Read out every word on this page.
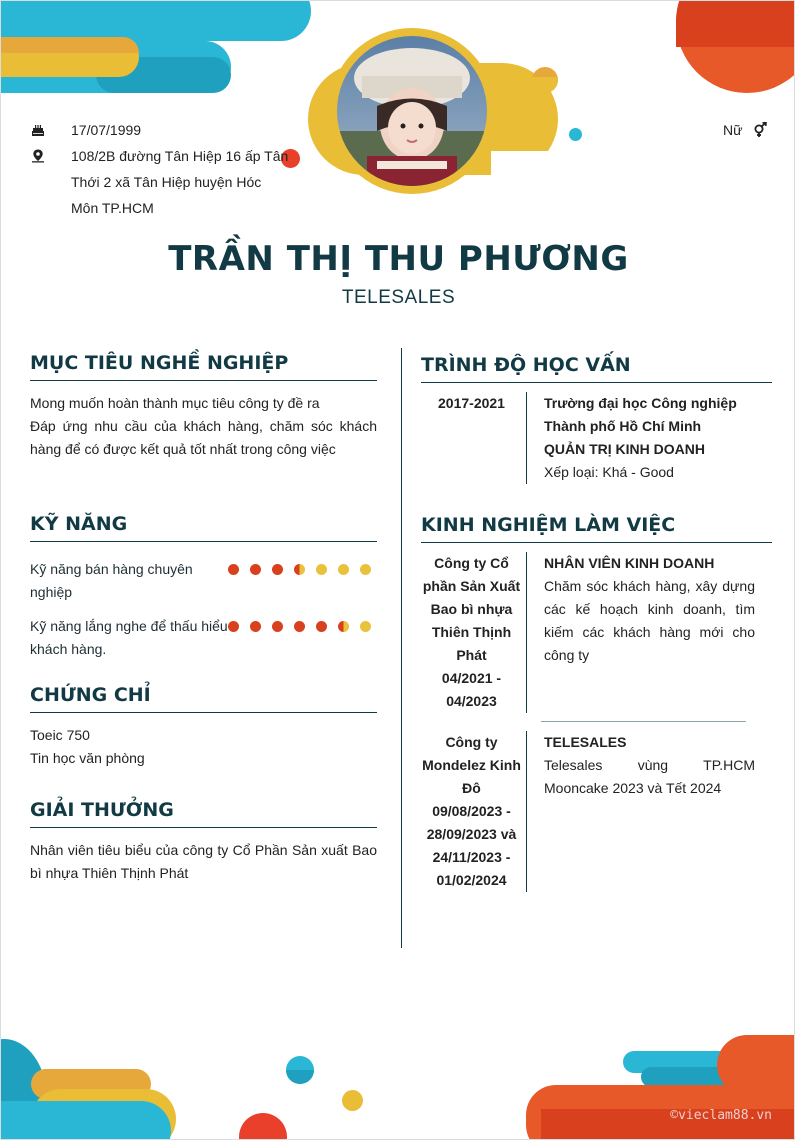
17/07/1999
108/2B đường Tân Hiệp 16 ấp Tân
Thới 2 xã Tân Hiệp huyện Hóc
Môn TP.HCM
Nữ
TRẦN THỊ THU PHƯƠNG
TELESALES
MỤC TIÊU NGHỀ NGHIỆP
Mong muốn hoàn thành mục tiêu công ty đề ra
Đáp ứng nhu cầu của khách hàng, chăm sóc khách hàng để có được kết quả tốt nhất trong công việc
KỸ NĂNG
Kỹ năng bán hàng chuyên nghiệp
Kỹ năng lắng nghe để thấu hiểu khách hàng.
CHỨNG CHỈ
Toeic 750
Tin học văn phòng
GIẢI THƯỞNG
Nhân viên tiêu biểu của công ty Cổ Phần Sản xuất Bao bì nhựa Thiên Thịnh Phát
TRÌNH ĐỘ HỌC VẤN
2017-2021	Trường đại học Công nghiệp Thành phố Hồ Chí Minh
QUẢN TRỊ KINH DOANH
Xếp loại: Khá - Good
KINH NGHIỆM LÀM VIỆC
Công ty Cổ phần Sản Xuất Bao bì nhựa Thiên Thịnh Phát
04/2021 - 04/2023
NHÂN VIÊN KINH DOANH
Chăm sóc khách hàng, xây dựng các kế hoạch kinh doanh, tìm kiếm các khách hàng mới cho công ty
Công ty Mondelez Kinh Đô
09/08/2023 - 28/09/2023 và 24/11/2023 - 01/02/2024
TELESALES
Telesales vùng TP.HCM Mooncake 2023 và Tết 2024
©vieclam88.vn
